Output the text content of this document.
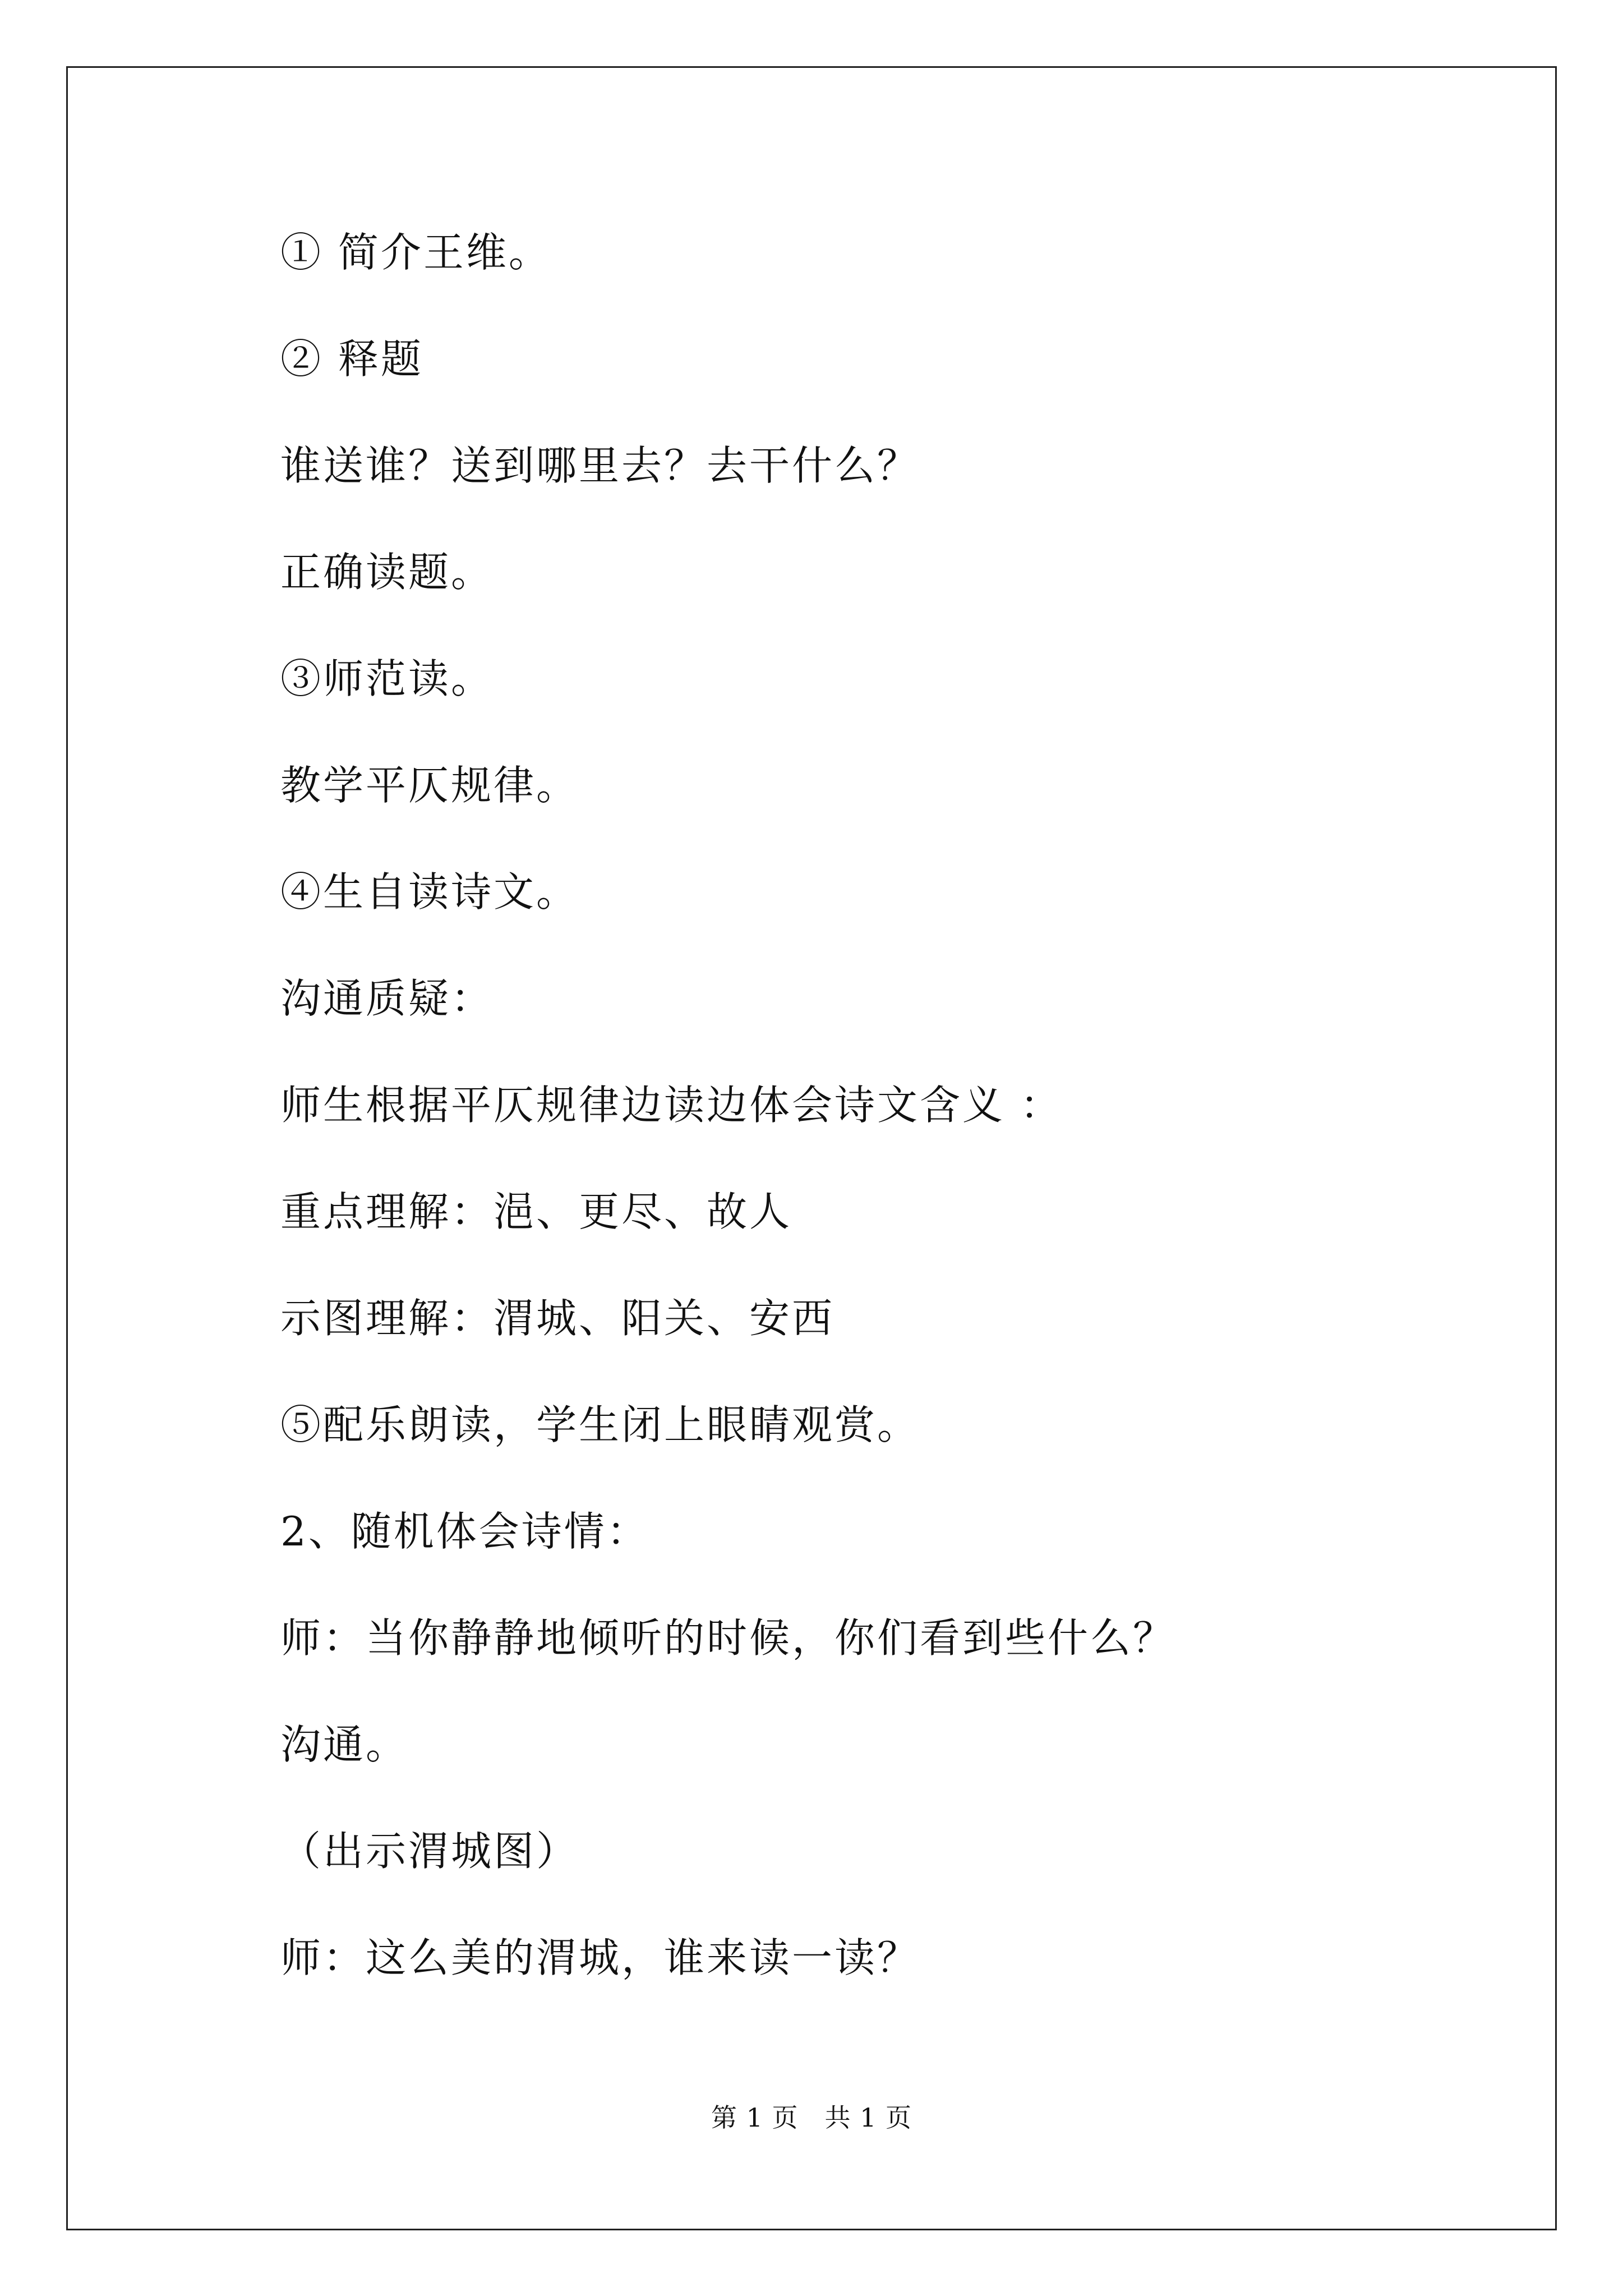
① 简介王维。
② 释题
谁送谁？送到哪里去？去干什么？
正确读题。
③师范读。
教学平仄规律。
④生自读诗文。
沟通质疑：
师生根据平仄规律边读边体会诗文含义 ：
重点理解：浥、更尽、故人
示图理解：渭城、阳关、安西
⑤配乐朗读，学生闭上眼睛观赏。
2、随机体会诗情：
师：当你静静地倾听的时候，你们看到些什么？
沟通。
（出示渭城图）
师：这么美的渭城，谁来读一读？
第 1 页　共 1 页
